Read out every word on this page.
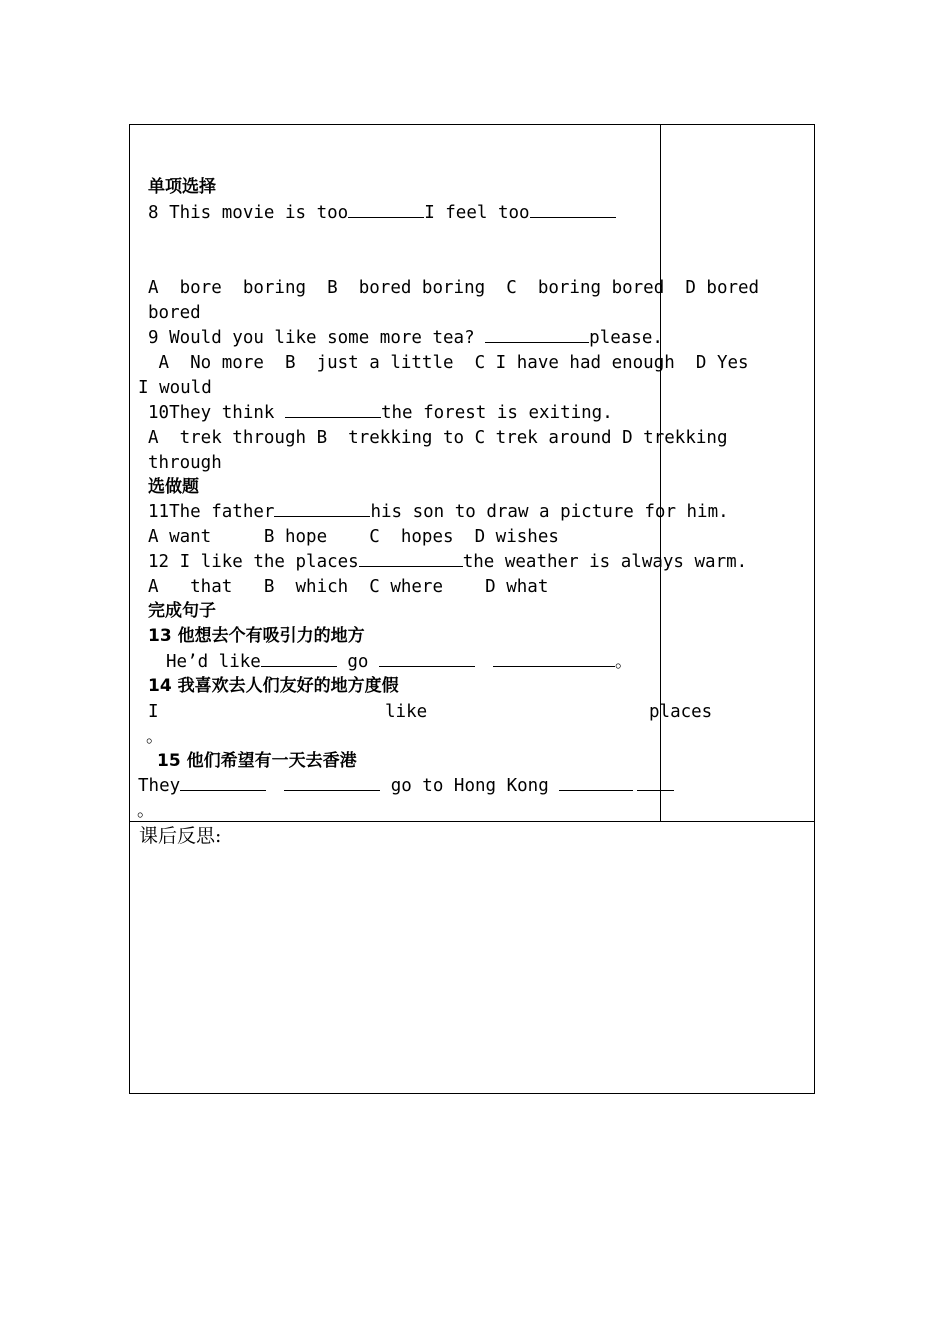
单项选择
8 This movie is too	I feel too
A  bore  boring  B  bored boring  C  boring bored  D bored
bored
9 Would you like some more tea?	please.
A  No more  B  just a little  C I have had enough  D Yes
I would
10They think	the forest is exiting.
A  trek through B  trekking to C trek around D trekking
through
选做题
11The father	his son to draw a picture for him.
A want     B hope    C  hopes  D wishes
12 I like the places	the weather is always warm.
A   that   B  which  C where    D what
完成句子
13 他想去个有吸引力的地方
He’d like	go	。
14 我喜欢去人们友好的地方度假
I	like	places
。
15 他们希望有一天去香港
They	go to Hong Kong
。
课后反思:
